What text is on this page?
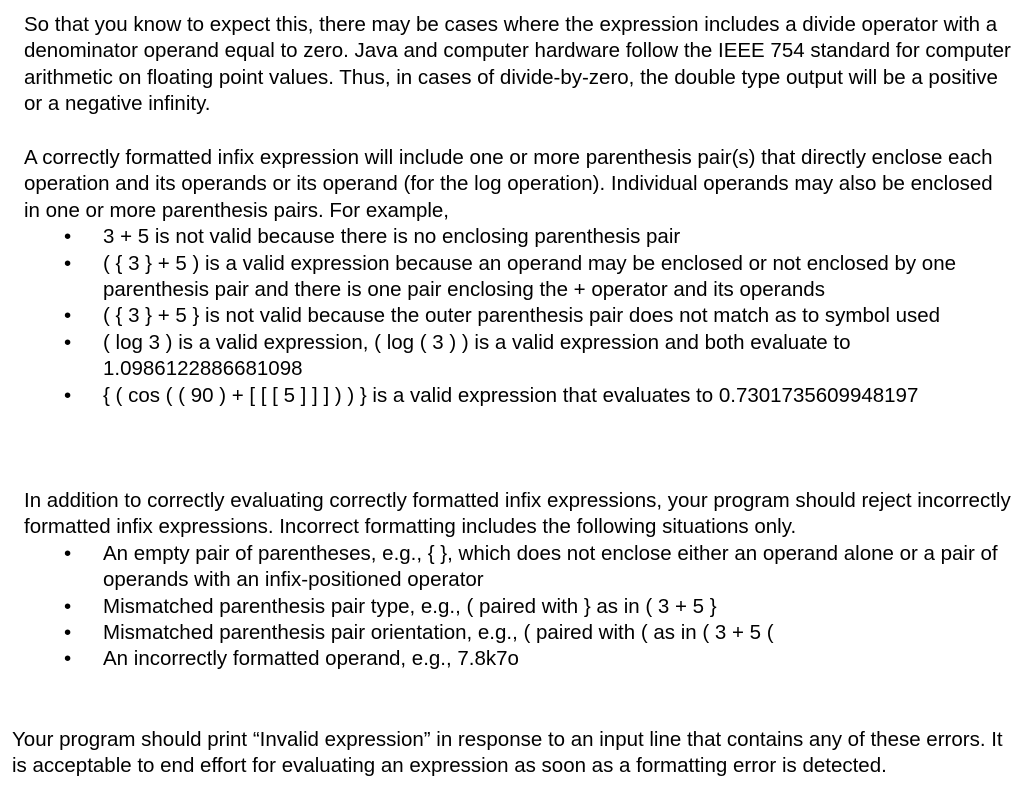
So that you know to expect this, there may be cases where the expression includes a divide operator with a denominator operand equal to zero. Java and computer hardware follow the IEEE 754 standard for computer arithmetic on floating point values. Thus, in cases of divide-by-zero, the double type output will be a positive or a negative infinity.

A correctly formatted infix expression will include one or more parenthesis pair(s) that directly enclose each operation and its operands or its operand (for the log operation). Individual operands may also be enclosed in one or more parenthesis pairs. For example,
• 3 + 5 is not valid because there is no enclosing parenthesis pair
• ( { 3 } + 5 ) is a valid expression because an operand may be enclosed or not enclosed by one parenthesis pair and there is one pair enclosing the + operator and its operands
• ( { 3 } + 5 } is not valid because the outer parenthesis pair does not match as to symbol used
• ( log 3 ) is a valid expression, ( log ( 3 ) ) is a valid expression and both evaluate to 1.0986122886681098
• { ( cos ( ( 90 ) + [ [ [ 5 ] ] ] ) ) } is a valid expression that evaluates to 0.7301735609948197
In addition to correctly evaluating correctly formatted infix expressions, your program should reject incorrectly formatted infix expressions. Incorrect formatting includes the following situations only.
• An empty pair of parentheses, e.g., { }, which does not enclose either an operand alone or a pair of operands with an infix-positioned operator
• Mismatched parenthesis pair type, e.g., ( paired with } as in ( 3 + 5 }
• Mismatched parenthesis pair orientation, e.g., ( paired with ( as in ( 3 + 5 (
• An incorrectly formatted operand, e.g., 7.8k7o

Your program should print “Invalid expression” in response to an input line that contains any of these errors. It is acceptable to end effort for evaluating an expression as soon as a formatting error is detected.
